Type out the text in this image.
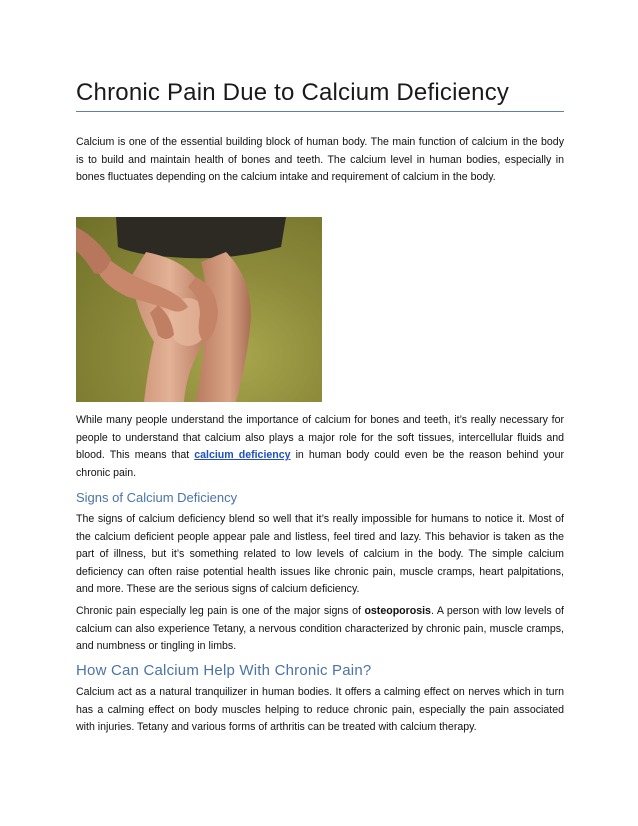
Chronic Pain Due to Calcium Deficiency

Calcium is one of the essential building block of human body. The main function of calcium in the body is to build and maintain health of bones and teeth. The calcium level in human bodies, especially in bones fluctuates depending on the calcium intake and requirement of calcium in the body.

While many people understand the importance of calcium for bones and teeth, it’s really necessary for people to understand that calcium also plays a major role for the soft tissues, intercellular fluids and blood. This means that calcium deficiency in human body could even be the reason behind your chronic pain.

Signs of Calcium Deficiency

The signs of calcium deficiency blend so well that it’s really impossible for humans to notice it. Most of the calcium deficient people appear pale and listless, feel tired and lazy. This behavior is taken as the part of illness, but it’s something related to low levels of calcium in the body. The simple calcium deficiency can often raise potential health issues like chronic pain, muscle cramps, heart palpitations, and more. These are the serious signs of calcium deficiency.

Chronic pain especially leg pain is one of the major signs of osteoporosis. A person with low levels of calcium can also experience Tetany, a nervous condition characterized by chronic pain, muscle cramps, and numbness or tingling in limbs.

How Can Calcium Help With Chronic Pain?

Calcium act as a natural tranquilizer in human bodies. It offers a calming effect on nerves which in turn has a calming effect on body muscles helping to reduce chronic pain, especially the pain associated with injuries. Tetany and various forms of arthritis can be treated with calcium therapy.
